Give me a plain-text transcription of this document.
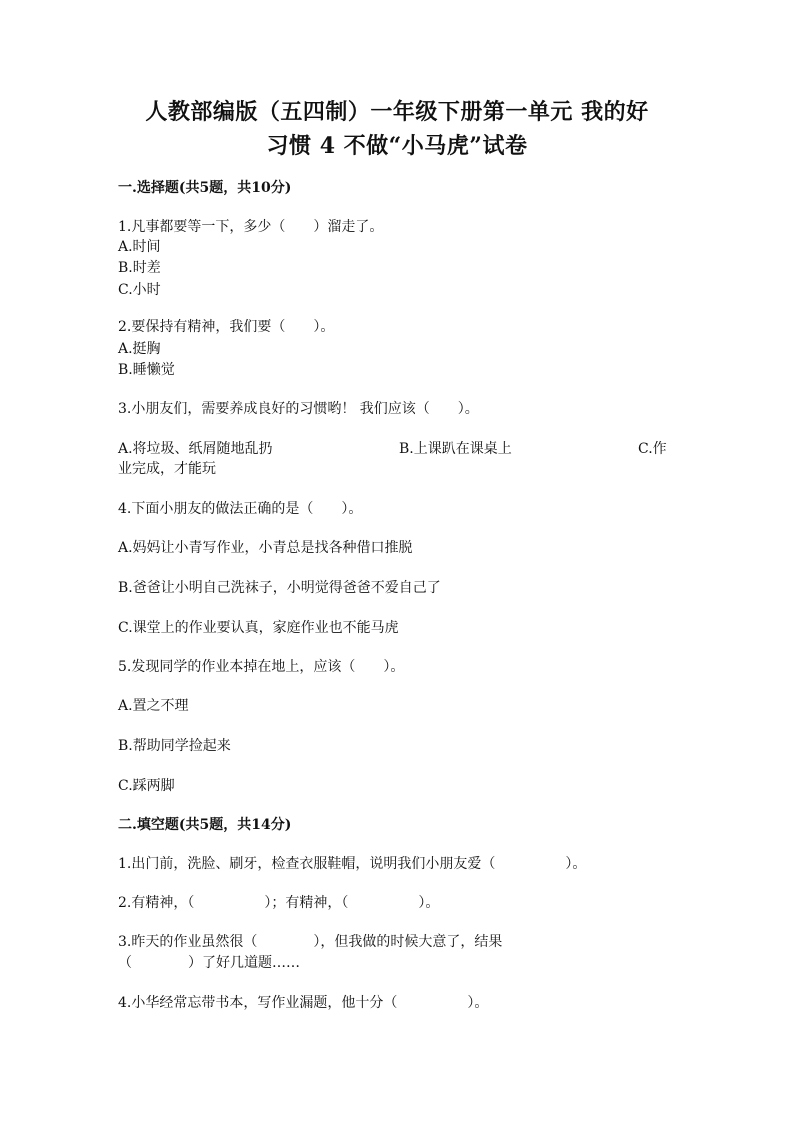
人教部编版（五四制）一年级下册第一单元 我的好
习惯 4 不做“小马虎”试卷
一.选择题(共5题，共10分)
1.凡事都要等一下，多少（　　）溜走了。
A.时间
B.时差
C.小时
2.要保持有精神，我们要（　　）。
A.挺胸
B.睡懒觉
3.小朋友们，需要养成良好的习惯哟！ 我们应该（　　）。
A.将垃圾、纸屑随地乱扔	B.上课趴在课桌上	C.作
业完成，才能玩
4.下面小朋友的做法正确的是（　　）。
A.妈妈让小青写作业，小青总是找各种借口推脱
B.爸爸让小明自己洗袜子，小明觉得爸爸不爱自己了
C.课堂上的作业要认真，家庭作业也不能马虎
5.发现同学的作业本掉在地上，应该（　　）。
A.置之不理
B.帮助同学捡起来
C.踩两脚
二.填空题(共5题，共14分)
1.出门前，洗脸、刷牙，检查衣服鞋帽，说明我们小朋友爱（　　　　　）。
2.有精神，（　　　　　）；有精神，（　　　　　）。
3.昨天的作业虽然很（　　　　），但我做的时候大意了，结果
（　　　　）了好几道题……
4.小华经常忘带书本，写作业漏题，他十分（　　　　　）。
